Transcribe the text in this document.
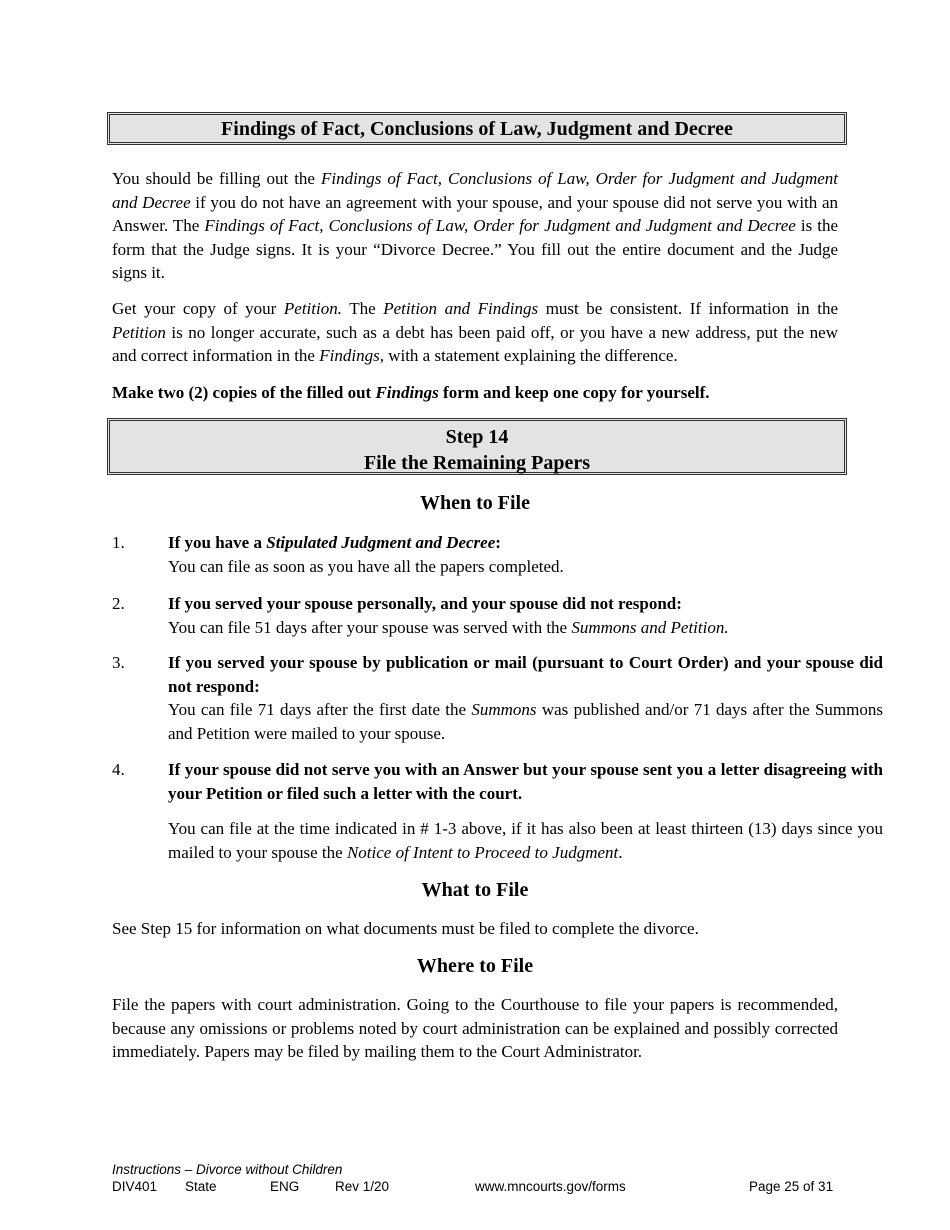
Findings of Fact, Conclusions of Law, Judgment and Decree
You should be filling out the Findings of Fact, Conclusions of Law, Order for Judgment and Judgment and Decree if you do not have an agreement with your spouse, and your spouse did not serve you with an Answer. The Findings of Fact, Conclusions of Law, Order for Judgment and Judgment and Decree is the form that the Judge signs. It is your “Divorce Decree.” You fill out the entire document and the Judge signs it.
Get your copy of your Petition. The Petition and Findings must be consistent. If information in the Petition is no longer accurate, such as a debt has been paid off, or you have a new address, put the new and correct information in the Findings, with a statement explaining the difference.
Make two (2) copies of the filled out Findings form and keep one copy for yourself.
Step 14
File the Remaining Papers
When to File
1.	If you have a Stipulated Judgment and Decree:
You can file as soon as you have all the papers completed.
2.	If you served your spouse personally, and your spouse did not respond:
You can file 51 days after your spouse was served with the Summons and Petition.
3.	If you served your spouse by publication or mail (pursuant to Court Order) and your spouse did not respond:
You can file 71 days after the first date the Summons was published and/or 71 days after the Summons and Petition were mailed to your spouse.
4.	If your spouse did not serve you with an Answer but your spouse sent you a letter disagreeing with your Petition or filed such a letter with the court.
You can file at the time indicated in # 1-3 above, if it has also been at least thirteen (13) days since you mailed to your spouse the Notice of Intent to Proceed to Judgment.
What to File
See Step 15 for information on what documents must be filed to complete the divorce.
Where to File
File the papers with court administration. Going to the Courthouse to file your papers is recommended, because any omissions or problems noted by court administration can be explained and possibly corrected immediately. Papers may be filed by mailing them to the Court Administrator.
Instructions – Divorce without Children
DIV401 State	ENG	Rev 1/20	www.mncourts.gov/forms	Page 25 of 31
